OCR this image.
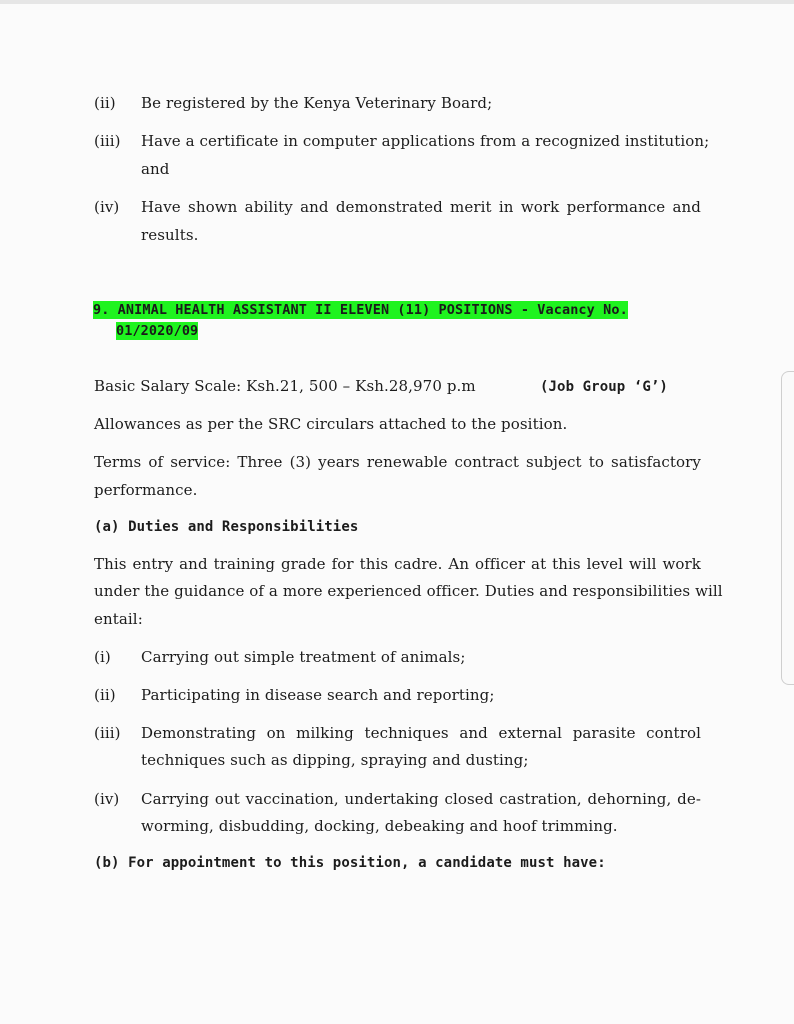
(ii) Be registered by the Kenya Veterinary Board;
(iii) Have a certificate in computer applications from a recognized institution;
and
(iv) Have shown ability and demonstrated merit in work performance and
results.
9. ANIMAL HEALTH ASSISTANT II ELEVEN (11) POSITIONS - Vacancy No.
01/2020/09
Basic Salary Scale: Ksh.21, 500 – Ksh.28,970 p.m	(Job Group ‘G’)
Allowances as per the SRC circulars attached to the position.
Terms of service: Three (3) years renewable contract subject to satisfactory
performance.
(a) Duties and Responsibilities
This entry and training grade for this cadre. An officer at this level will work
under the guidance of a more experienced officer. Duties and responsibilities will
entail:
(i) Carrying out simple treatment of animals;
(ii) Participating in disease search and reporting;
(iii) Demonstrating on milking techniques and external parasite control
techniques such as dipping, spraying and dusting;
(iv) Carrying out vaccination, undertaking closed castration, dehorning, de-
worming, disbudding, docking, debeaking and hoof trimming.
(b) For appointment to this position, a candidate must have:
